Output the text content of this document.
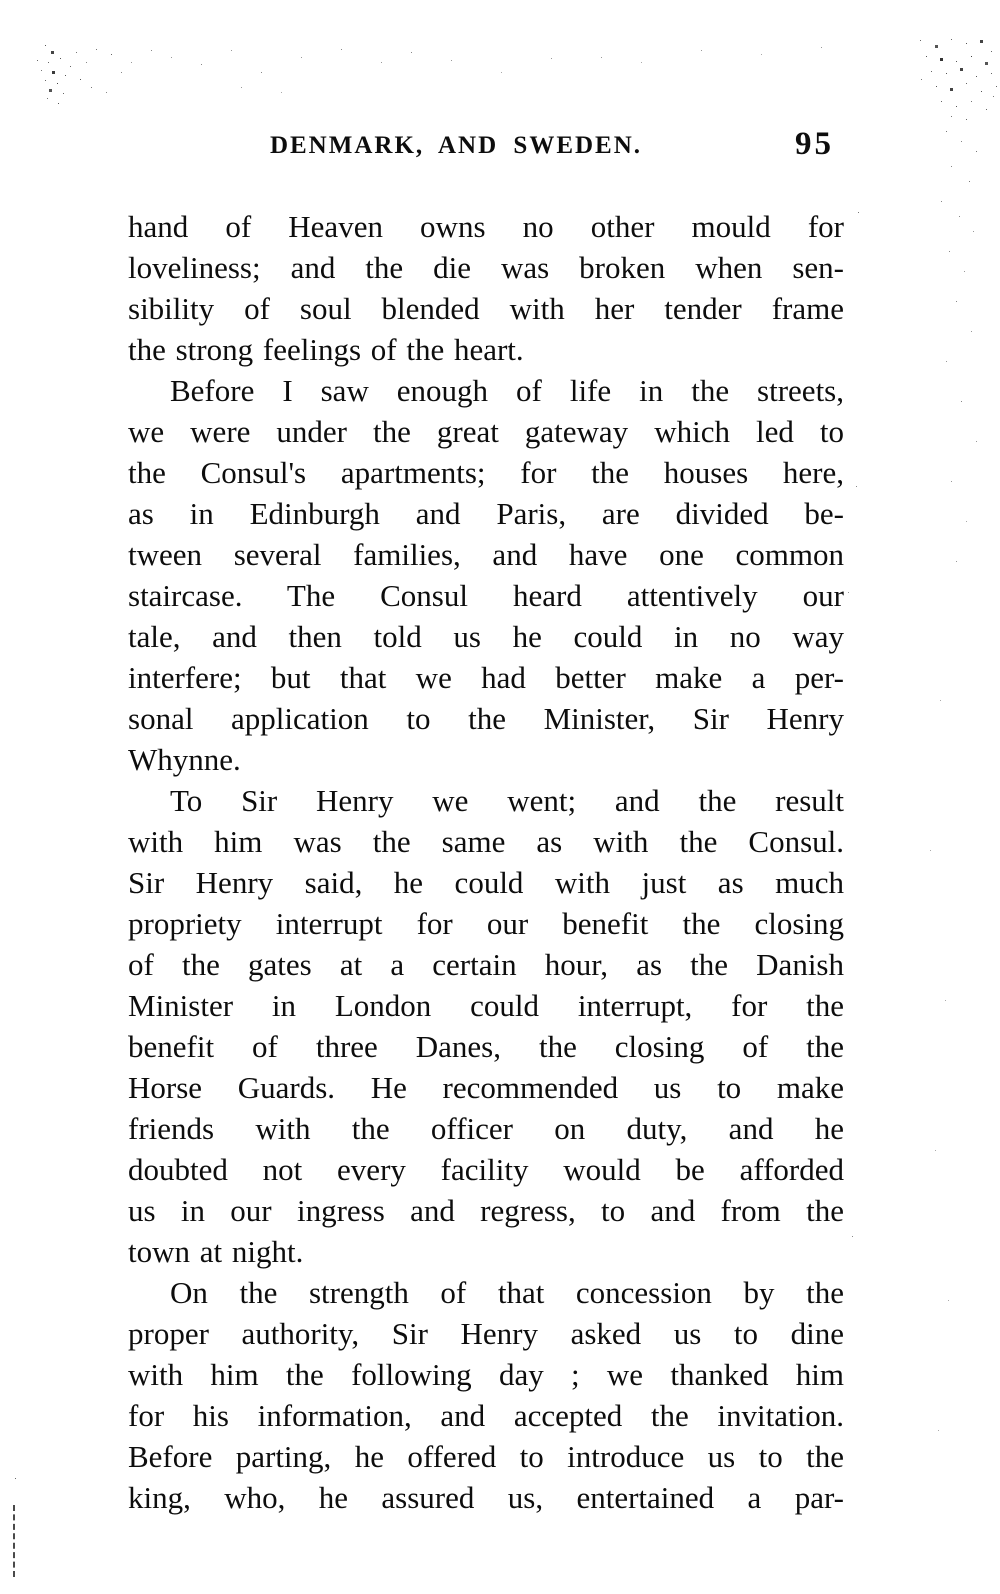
DENMARK, AND SWEDEN.	95
hand of Heaven owns no other mould for
loveliness; and the die was broken when sen-
sibility of soul blended with her tender frame
the strong feelings of the heart.
Before I saw enough of life in the streets,
we were under the great gateway which led to
the Consul's apartments; for the houses here,
as in Edinburgh and Paris, are divided be-
tween several families, and have one common
staircase. The Consul heard attentively our
tale, and then told us he could in no way
interfere; but that we had better make a per-
sonal application to the Minister, Sir Henry
Whynne.
To Sir Henry we went; and the result
with him was the same as with the Consul.
Sir Henry said, he could with just as much
propriety interrupt for our benefit the closing
of the gates at a certain hour, as the Danish
Minister in London could interrupt, for the
benefit of three Danes, the closing of the
Horse Guards. He recommended us to make
friends with the officer on duty, and he
doubted not every facility would be afforded
us in our ingress and regress, to and from the
town at night.
On the strength of that concession by the
proper authority, Sir Henry asked us to dine
with him the following day ; we thanked him
for his information, and accepted the invitation.
Before parting, he offered to introduce us to the
king, who, he assured us, entertained a par-
